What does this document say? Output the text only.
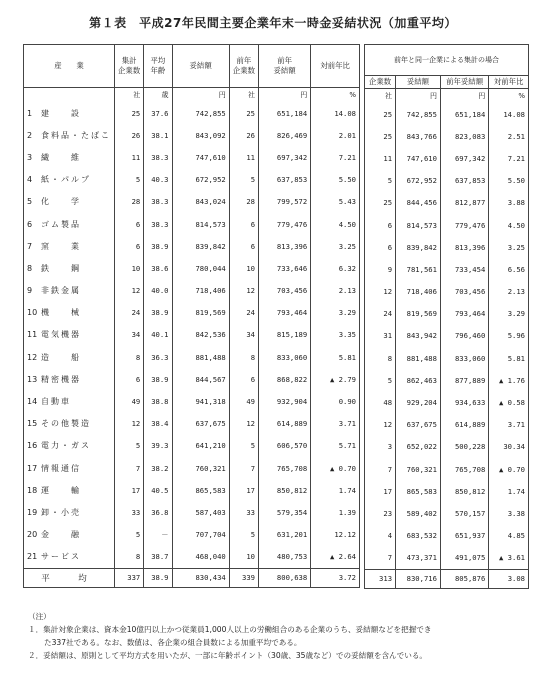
第１表　平成27年民間主要企業年末一時金妥結状況（加重平均）
産　　業	集計
企業数	平均
年齢	妥結額	前年
企業数	前年
妥結額	対前年比
	社	歳	円	社	円	%
1 建　　設	25	37.6	742,855	25	651,184	14.08
2 食料品・たばこ	26	38.1	843,092	26	826,469	2.01
3 繊　　維	11	38.3	747,610	11	697,342	7.21
4 紙・パルプ	5	40.3	672,952	5	637,853	5.50
5 化　　学	28	38.3	843,024	28	799,572	5.43
6 ゴム製品	6	38.3	814,573	6	779,476	4.50
7 窯　　業	6	38.9	839,842	6	813,396	3.25
8 鉄　　鋼	10	38.6	780,044	10	733,646	6.32
9 非鉄金属	12	40.0	718,406	12	703,456	2.13
10 機　　械	24	38.9	819,569	24	793,464	3.29
11 電気機器	34	40.1	842,536	34	815,189	3.35
12 造　　船	8	36.3	881,488	8	833,060	5.81
13 精密機器	6	38.9	844,567	6	868,822	▲ 2.79
14 自動車	49	38.8	941,318	49	932,904	0.90
15 その他製造	12	38.4	637,675	12	614,889	3.71
16 電力・ガス	5	39.3	641,210	5	606,570	5.71
17 情報通信	7	38.2	760,321	7	765,708	▲ 0.70
18 運　　輸	17	40.5	865,583	17	850,812	1.74
19 卸・小売	33	36.8	587,403	33	579,354	1.39
20 金　　融	5	－	707,704	5	631,201	12.12
21 サービス	8	38.7	468,040	10	480,753	▲ 2.64
平　均	337	38.9	830,434	339	800,638	3.72
前年と同一企業による集計の場合			
企業数	妥結額	前年妥結額	対前年比
社	円	円	%
25	742,855	651,184	14.08
25	843,766	823,083	2.51
11	747,610	697,342	7.21
5	672,952	637,853	5.50
25	844,456	812,877	3.88
6	814,573	779,476	4.50
6	839,842	813,396	3.25
9	781,561	733,454	6.56
12	718,406	703,456	2.13
24	819,569	793,464	3.29
31	843,942	796,460	5.96
8	881,488	833,060	5.81
5	862,463	877,889	▲ 1.76
48	929,204	934,633	▲ 0.58
12	637,675	614,889	3.71
3	652,022	500,228	30.34
7	760,321	765,708	▲ 0.70
17	865,583	850,812	1.74
23	589,402	570,157	3.38
4	683,532	651,937	4.85
7	473,371	491,075	▲ 3.61
313	830,716	805,876	3.08
（注）
１．集計対象企業は、資本金10億円以上かつ従業員1,000人以上の労働組合のある企業のうち、妥結額などを把握でき
た337社である。なお、数値は、各企業の組合員数による加重平均である。
２．妥結額は、原則として平均方式を用いたが、一部に年齢ポイント（30歳、35歳など）での妥結額を含んでいる。
